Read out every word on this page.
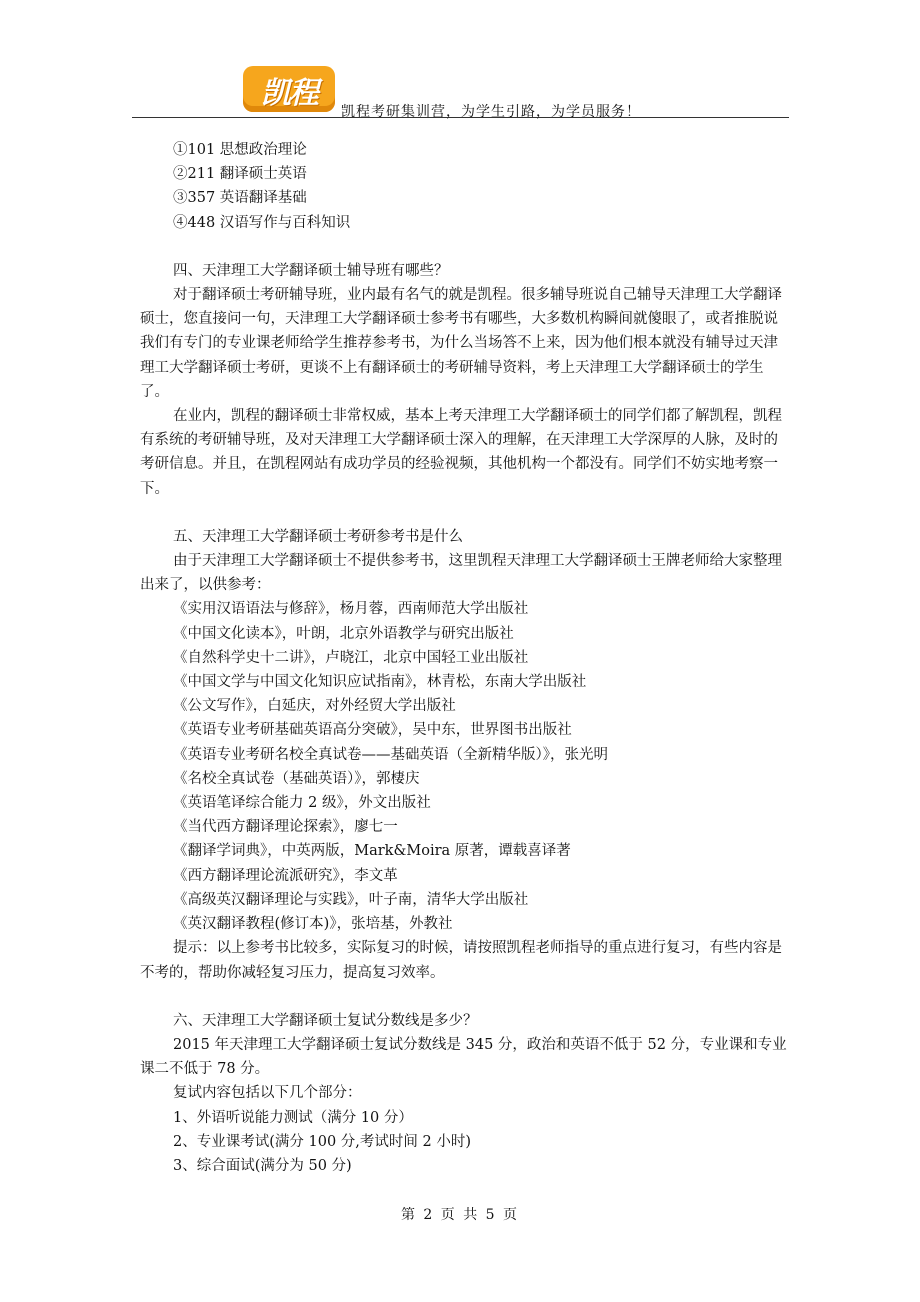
凯程
凯程考研集训营，为学生引路，为学员服务！

①101 思想政治理论

②211 翻译硕士英语

③357 英语翻译基础

④448 汉语写作与百科知识

四、天津理工大学翻译硕士辅导班有哪些？

对于翻译硕士考研辅导班，业内最有名气的就是凯程。很多辅导班说自己辅导天津理工大学翻译硕士，您直接问一句，天津理工大学翻译硕士参考书有哪些，大多数机构瞬间就傻眼了，或者推脱说我们有专门的专业课老师给学生推荐参考书，为什么当场答不上来，因为他们根本就没有辅导过天津理工大学翻译硕士考研，更谈不上有翻译硕士的考研辅导资料，考上天津理工大学翻译硕士的学生了。

在业内，凯程的翻译硕士非常权威，基本上考天津理工大学翻译硕士的同学们都了解凯程，凯程有系统的考研辅导班，及对天津理工大学翻译硕士深入的理解，在天津理工大学深厚的人脉，及时的考研信息。并且，在凯程网站有成功学员的经验视频，其他机构一个都没有。同学们不妨实地考察一下。

五、天津理工大学翻译硕士考研参考书是什么

由于天津理工大学翻译硕士不提供参考书，这里凯程天津理工大学翻译硕士王牌老师给大家整理出来了，以供参考：

《实用汉语语法与修辞》，杨月蓉，西南师范大学出版社

《中国文化读本》，叶朗，北京外语教学与研究出版社

《自然科学史十二讲》，卢晓江，北京中国轻工业出版社

《中国文学与中国文化知识应试指南》，林青松，东南大学出版社

《公文写作》，白延庆，对外经贸大学出版社

《英语专业考研基础英语高分突破》，吴中东，世界图书出版社

《英语专业考研名校全真试卷——基础英语（全新精华版）》，张光明

《名校全真试卷（基础英语）》，郭棲庆

《英语笔译综合能力 2 级》，外文出版社

《当代西方翻译理论探索》，廖七一

《翻译学词典》，中英两版，Mark&Moira 原著，谭载喜译著

《西方翻译理论流派研究》，李文革

《高级英汉翻译理论与实践》，叶子南，清华大学出版社

《英汉翻译教程(修订本)》，张培基，外教社

提示：以上参考书比较多，实际复习的时候，请按照凯程老师指导的重点进行复习，有些内容是不考的，帮助你减轻复习压力，提高复习效率。

六、天津理工大学翻译硕士复试分数线是多少？

2015 年天津理工大学翻译硕士复试分数线是 345 分，政治和英语不低于 52 分，专业课和专业课二不低于 78 分。

复试内容包括以下几个部分：

1、外语听说能力测试（满分 10 分）

2、专业课考试(满分 100 分,考试时间 2 小时)

3、综合面试(满分为 50 分)

第 2 页 共 5 页
